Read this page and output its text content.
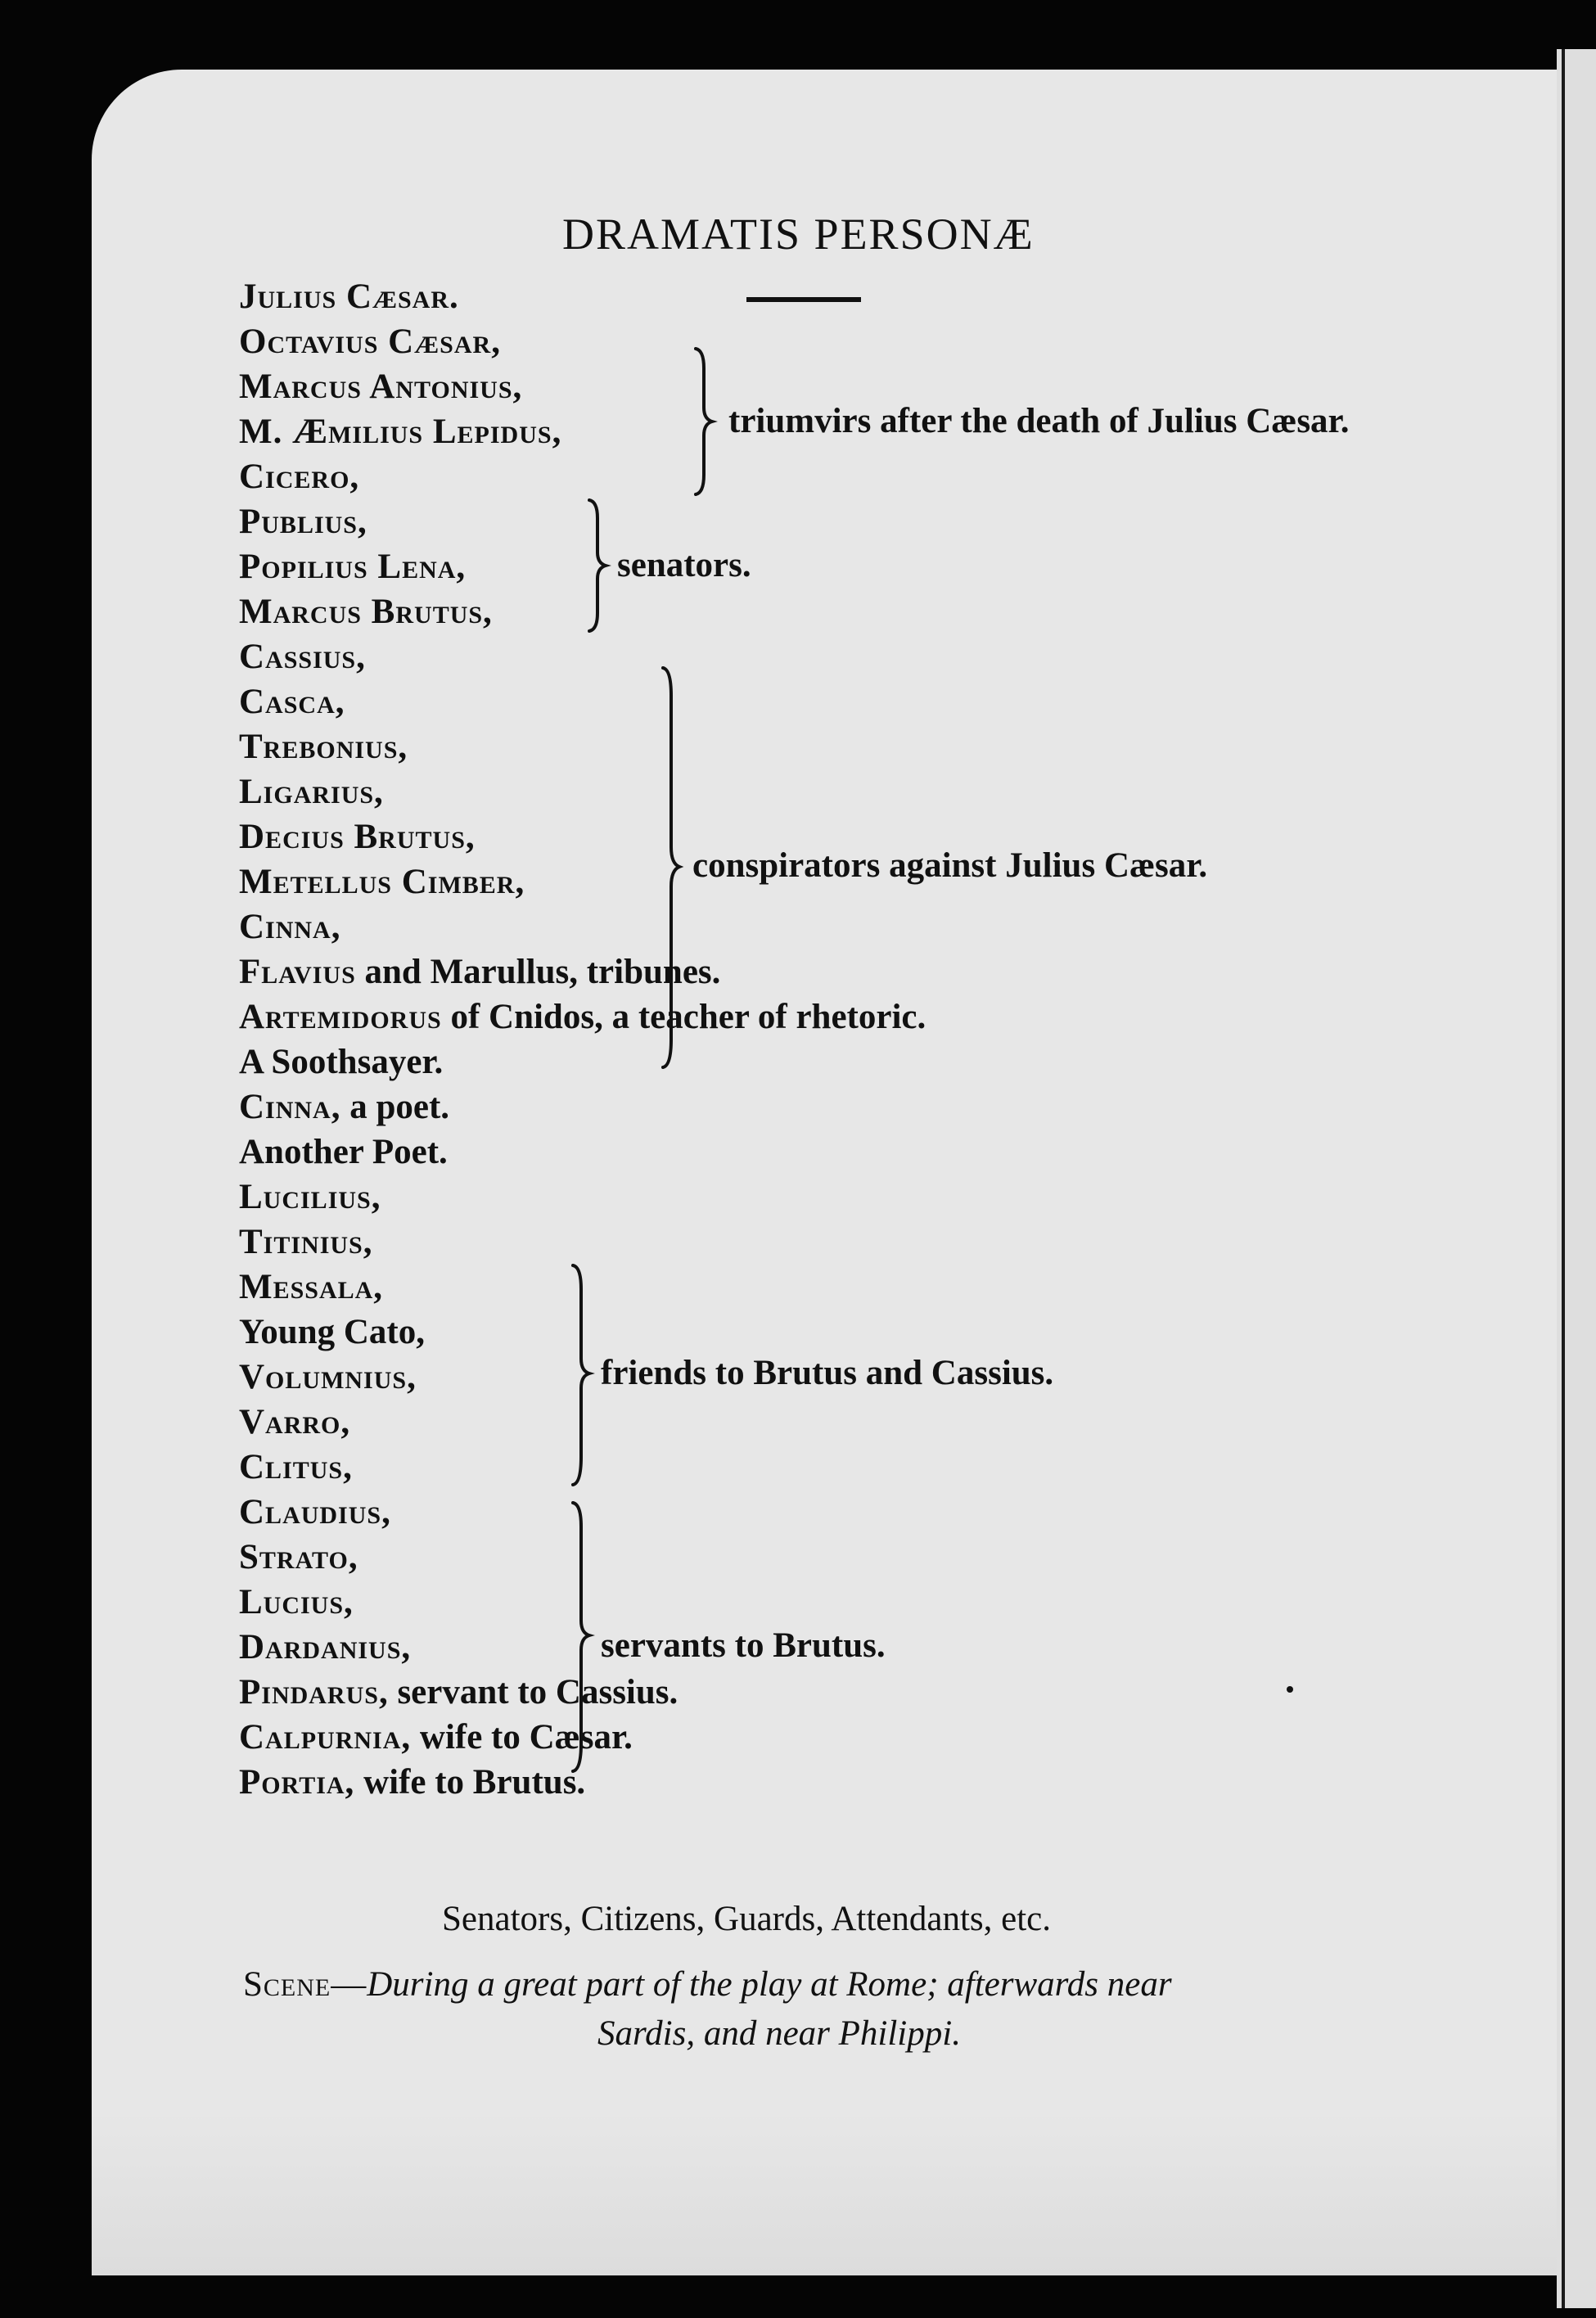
DRAMATIS PERSONÆ
Julius Cæsar.
Octavius Cæsar,
Marcus Antonius,
M. Æmilius Lepidus,
Cicero,
Publius,
Popilius Lena,
Marcus Brutus,
Cassius,
Casca,
Trebonius,
Ligarius,
Decius Brutus,
Metellus Cimber,
Cinna,
Flavius and Marullus, tribunes.
Artemidorus of Cnidos, a teacher of rhetoric.
A Soothsayer.
Cinna, a poet.
Another Poet.
Lucilius,
Titinius,
Messala,
Young Cato,
Volumnius,
Varro,
Clitus,
Claudius,
Strato,
Lucius,
Dardanius,
Pindarus, servant to Cassius.
Calpurnia, wife to Cæsar.
Portia, wife to Brutus.
triumvirs after the death of Julius Cæsar.
senators.
conspirators against Julius Cæsar.
friends to Brutus and Cassius.
servants to Brutus.
Senators, Citizens, Guards, Attendants, etc.
Scene—During a great part of the play at Rome; afterwards near
Sardis, and near Philippi.
